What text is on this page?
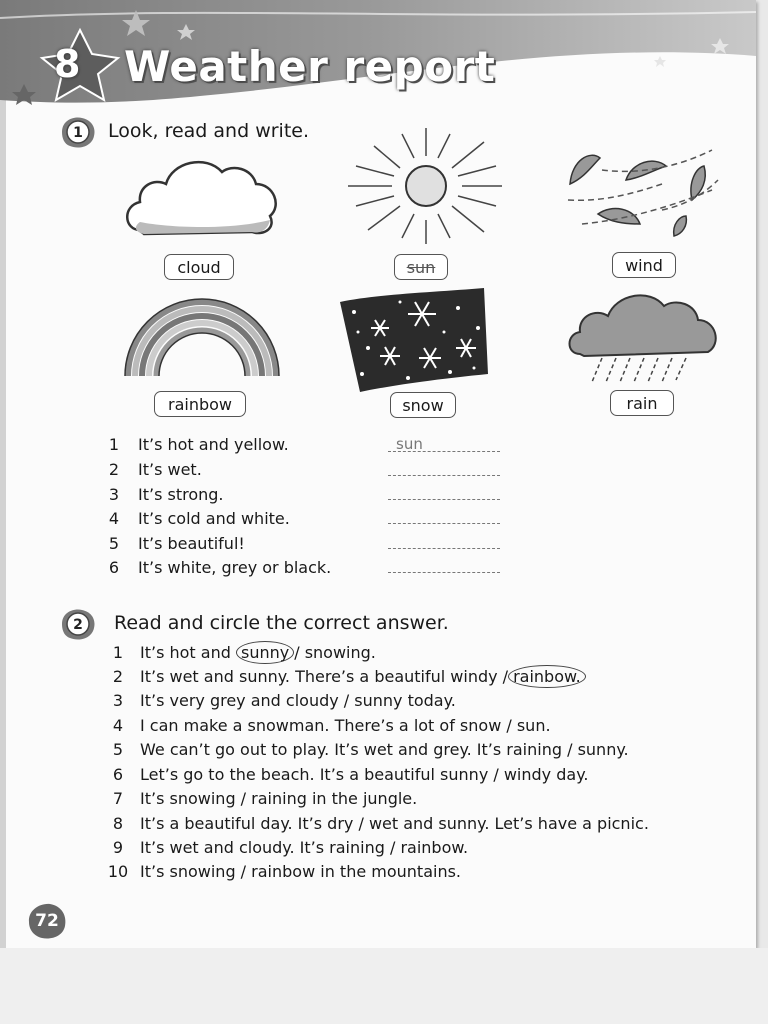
8 Weather report
1 Look, read and write.
cloud	sun	wind
rainbow	snow	rain
1	It’s hot and yellow.	sun
2	It’s wet.
3	It’s strong.
4	It’s cold and white.
5	It’s beautiful!
6	It’s white, grey or black.
2 Read and circle the correct answer.
1	It’s hot and sunny / snowing.
2	It’s wet and sunny. There’s a beautiful windy / rainbow.
3	It’s very grey and cloudy / sunny today.
4	I can make a snowman. There’s a lot of snow / sun.
5	We can’t go out to play. It’s wet and grey. It’s raining / sunny.
6	Let’s go to the beach. It’s a beautiful sunny / windy day.
7	It’s snowing / raining in the jungle.
8	It’s a beautiful day. It’s dry / wet and sunny. Let’s have a picnic.
9	It’s wet and cloudy. It’s raining / rainbow.
10 It’s snowing / rainbow in the mountains.
72
